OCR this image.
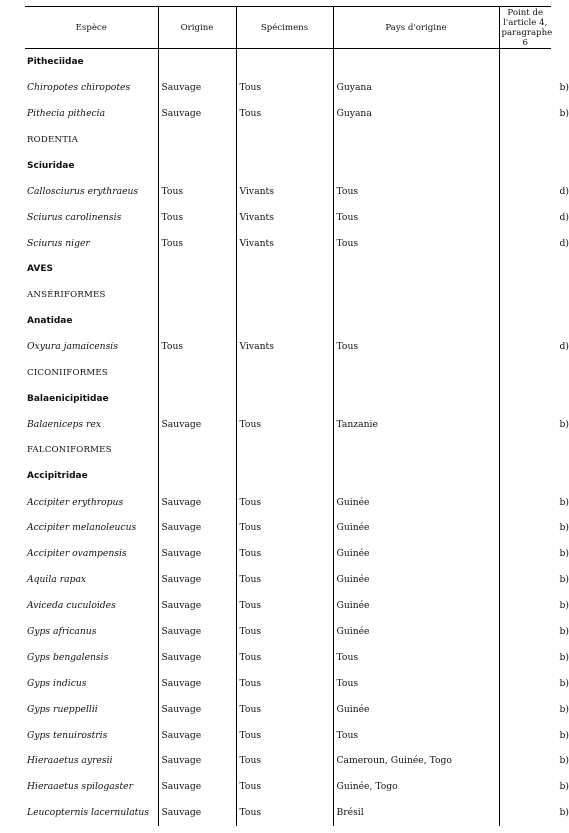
Espèce	Origine	Spécimens	Pays d'origine	Point de l'article 4, paragraphe 6
Pitheciidae				
Chiropotes chiropotes	Sauvage	Tous	Guyana	b)
Pithecia pithecia	Sauvage	Tous	Guyana	b)
RODENTIA				
Sciuridae				
Callosciurus erythraeus	Tous	Vivants	Tous	d)
Sciurus carolinensis	Tous	Vivants	Tous	d)
Sciurus niger	Tous	Vivants	Tous	d)
AVES				
ANSÉRIFORMES				
Anatidae				
Oxyura jamaicensis	Tous	Vivants	Tous	d)
CICONIIFORMES				
Balaenicipitidae				
Balaeniceps rex	Sauvage	Tous	Tanzanie	b)
FALCONIFORMES				
Accipitridae				
Accipiter erythropus	Sauvage	Tous	Guinée	b)
Accipiter melanoleucus	Sauvage	Tous	Guinée	b)
Accipiter ovampensis	Sauvage	Tous	Guinée	b)
Aquila rapax	Sauvage	Tous	Guinée	b)
Aviceda cuculoides	Sauvage	Tous	Guinée	b)
Gyps africanus	Sauvage	Tous	Guinée	b)
Gyps bengalensis	Sauvage	Tous	Tous	b)
Gyps indicus	Sauvage	Tous	Tous	b)
Gyps rueppellii	Sauvage	Tous	Guinée	b)
Gyps tenuirostris	Sauvage	Tous	Tous	b)
Hieraaetus ayresii	Sauvage	Tous	Cameroun, Guinée, Togo	b)
Hieraaetus spilogaster	Sauvage	Tous	Guinée, Togo	b)
Leucopternis lacernulatus	Sauvage	Tous	Brésil	b)
